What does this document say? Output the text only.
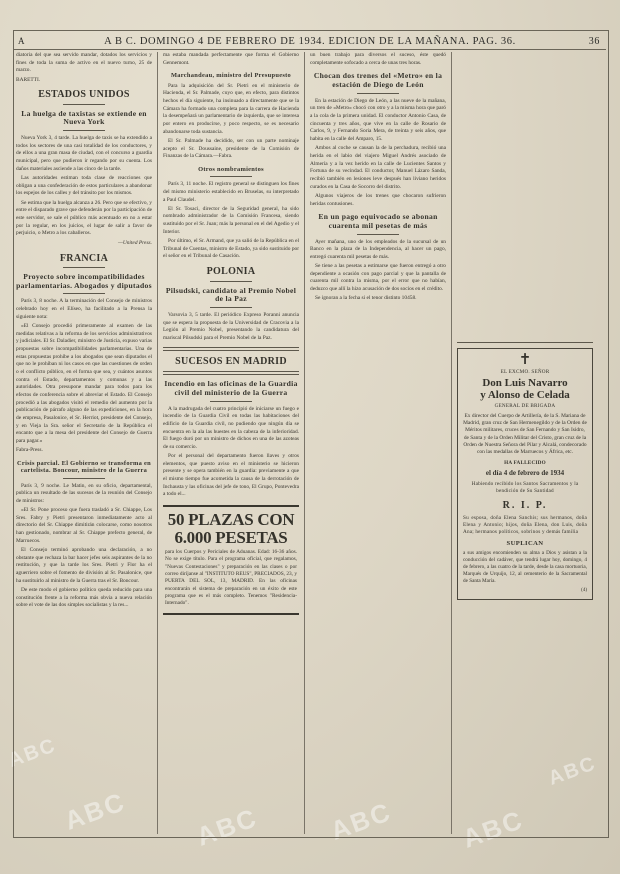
ABC ABC	ABC ABC
ABC
ABC
A	A B C. DOMINGO 4 DE FEBRERO DE 1934. EDICION DE LA MAÑANA. PAG. 36.	36

diatoria del que sea servido mandar, dotados los servicios y fines de toda la suma de activo en el nuevo turno, 25 de marzo.

BARETTI.

ESTADOS UNIDOS
La huelga de taxistas se extiende en Nueva York

Nueva York 3, 4 tarde. La huelga de taxis se ha extendido a todos los sectores de una casi totalidad de los conductores, y de ellos a una gran masa de ciudad, con el concurso a guardia municipal, pero que pudieron ir regando por su cuenta. Los daños materiales asciende a las cinco de la tarde.

Las autoridades estiman toda clase de reacciones que obligan a una confederación de estos particulares a abandonar los espejos de los calles y del tránsito por los mismos.

Se estima que la huelga alcanza a 26. Pero que se efectivo, y entre el disparado grave que defenderán por la participación de este servidor, se sale el público más acentuado en no a estar por la regular, en los juicios, el lugar de salir a favor de perjuicio, o Metro a los caballeros.

—United Press.
FRANCIA
Proyecto sobre incompatibilidades parlamentarias. Abogados y diputados

París 3, 8 noche. A la terminación del Consejo de ministros celebrado hoy en el Elíseo, ha facilitado a la Prensa la siguiente nota:

«El Consejo procedió primeramente al examen de las medidas relativas a la reforma de los servicios administrativos y judiciales. El Sr. Daladier, ministro de Justicia, expuso varias propuestas sobre incompatibilidades parlamentarias. Una de estas propuestas prohíbe a los abogados que sean diputados el que no le prohíban ni los casos en que las cuestiones de orden o el conflicto público, en el forma que sea, y cuántos asuntos contra el Estado, departamentos y comunas y a las autoridades. Otra presupone mandar para todos para los efectos de conferencia sobre el abreviar el Estado. El Consejo procedió a las abogados visitó el remedio del aumento por la publicación de párrafo alguno de las expediciones, en la hora de empresa, Pasalonice, el Sr. Herriot, presidente del Consejo, y en Vieja la Sra. señor el Secretario de la República el encanto que a la mesa del presidente del Consejo de Guerra para pagar.»

Fabra-Press.

Crisis parcial. El Gobierno se transforma en cartelista. Boncour, ministro de la Guerra

París 3, 9 noche. Le Matin, en su oficio, departamental, publica un resultado de las sucesos de la reunión del Consejo de ministros:

«El Sr. Pone proceso que fuera trasladó a Sr. Chiappe, Los Sres. Fabry y Pietri presentaron inmediatamente acto al directorio del Sr. Chiappe dimitirán colocarse, como nosotros han gestionado, nombrar al Sr. Chiappe prefecto general, de Marruecos.

El Consejo terminó aprobando una declaración, a no obstante que rechaza la bar hacer jefes seis aspirantes de la no restitución, y que la tarde los Sres. Pietri y Flor ha el aguerriero sobre el fomento de división al Sr. Pasalonice, que ha sustituirlo al ministro de la Guerra tras el Sr. Boncour.

De este modo el gobierno político queda reducido para una constitución frente a la reforma más obvia a nueva relación sobre el vote de las dos simples socialistas y la res...

ma estaba mandada perfectamente que forma el Gobierno Gennemont.

Marchandeau, ministro del Presupuesto

Para la adquisición del Sr. Pietri en el ministerio de Hacienda, el Sr. Palmade, cuyo que, en efecto, para distintos hechos el día siguiente, ha insinuado a directamente que se la Cámara ha formado una completa para la carrera de Hacienda la desempeñará un parlamentario de izquierda, que se interesa por entero en producirse, y poco respecto, se es necesario abandonarse toda sustancia.

El Sr. Palmade ha decidido, ser con un parte nominaje acepto el Sr. Doussaine, presidente de la Comisión de Finanzas de la Cámara.—Fabra.

Otros nombramientos

París 3, 11 noche. El registro general se distinguen los fines del mismo ministerio establecido en Bruselas, su interpretado a Paul Claudel.

El Sr. Tosaci, director de la Seguridad general, ha sido nombrado administrador de la Comisión Francesa, siendo sustituido por el Sr. Juan; más la personal en el del Agedio y el Interior.

Por último, el Sr. Armand, que ya salió de la República en el Tribunal de Cuentas, ministro de Estado, ya sido sustituido por el señor en el Tribunal de Casación.

POLONIA
Pilsudski, candidato al Premio Nobel de la Paz

Varsovia 3, 5 tarde. El periódico Expreso Poranni anuncia que se espera la propuesta de la Universidad de Cracovia a la Legión al Premio Nobel, presentando la candidatura del mariscal Pilsudski para el Premio Nobel de la Paz.

SUCESOS EN MADRID
Incendio en las oficinas de la Guardia civil del ministerio de la Guerra

A la madrugada del cuatro principió de iniciarse un fuego e incendio de la Guardia Civil en todas las habitaciones del edificio de la Guardia civil, no pudiendo que ningún día se encuentra en la ala las huestes en la cabeza de la inferioridad. El fuego duró por un ministro de dichos en una de las azoteas de su comercio.

Por el personal del departamento fueron llaves y otros elementos, que puesto aviso en el ministerio se hicieron presente y se opera también en la guardia: previamente a que el mismo tiempo fue acometida la causa de la derrotación de Inchausta y las oficinas del jefe de tono, El Grupo, Pontevedra a todo el...

50 PLAZAS CON
6.000 PESETAS
para los Cuerpos y Periciales de Aduanas. Edad: 16-36 años. No se exige título. Para el programa oficial, que regalamos, "Nuevas Contestaciones" y preparación en las clases o por correo diríjanse al "INSTITUTO REUS", PRECIADOS, 23, y PUERTA DEL SOL, 13, MADRID. En las oficinas encontrarán el sistema de preparación en un éxito de este programa que es el más completo. Tenemos "Residencia-Internado".

un buen trabajo para diversos el suceso, éste quedó completamente sofocado a cerca de unas tres horas.

Chocan dos trenes del «Metro» en la estación de Diego de León

En la estación de Diego de León, a las nueve de la mañana, un tren de «Metro» chocó con otro y a la misma hora que paró a la cola de la primera unidad. El conductor Antonio Casa, de cincuenta y tres años, que vive en la calle de Rosario de Carlos, 9, y Fernando Soria Mera, de treinta y seis años, que habita en la calle del Amparo, 15.

Ambos al coche se causan la de la perchadura, recibió una herida en el labio del viajero Miguel Andrés asociado de Almería y a la vez herido en la calle de Lucientes Santos y Fortuna de su vecindad. El conductor, Manuel Lázaro Sanda, recibió también en lesiones leve después han liviano heridos curados en la Casa de Socorro del distrito.

Algunos viajeros de los trenes que chocaron sufrieron heridas contusiones.

En un pago equivocado se abonan cuarenta mil pesetas de más

Ayer mañana, uno de los empleados de la sucursal de un Banco en la plaza de la Independencia, al hacer un pago, entregó cuarenta mil pesetas de más.

Se tiene a las pesetas a estimarse que fueron entregó a otro dependiente a ocasión con pago parcial y que la pantalla de cuarenta mil contra la misma, por el error que no habían, deduzco que allí la hizo acusación de dos socios en el crédito.

Se ignoran a la fecha si el tenor distinto 10458.

✝
EL EXCMO. SEÑOR
Don Luis Navarro
y Alonso de Celada
GENERAL DE BRIGADA
Ex director del Cuerpo de Artillería, de la S. Mariana de Madrid, gran cruz de San Hermenegildo y de la Orden de Méritos militares, cruces de San Fernando y San Isidro, de Santa y de la Orden Militar del Cristo, gran cruz de la Orden de Nuestra Señora del Pilar y Alcalá, condecorado con las medallas de Marruecos y África, etc.
HA FALLECIDO
el día 4 de febrero de 1934
Habiendo recibido los Santos Sacramentos y la bendición de Su Santidad
R. I. P.
Su esposa, doña Elena Sanchis; sus hermanos, doña Elena y Antonio; hijos, doña Elena, don Luis, doña Ana; hermanos políticos, sobrinos y demás familia
SUPLICAN
a sus amigos encomienden su alma a Dios y asistan a la conducción del cadáver, que tendrá lugar hoy, domingo, 4 de febrero, a las cuatro de la tarde, desde la casa mortuoria, Marqués de Urquijo, 12, al cementerio de la Sacramental de Santa María.
(4)
